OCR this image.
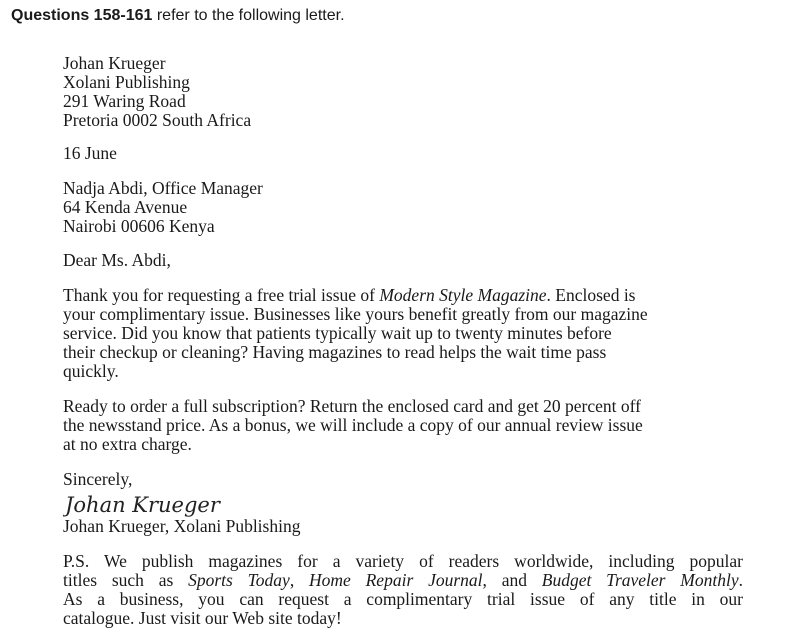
Questions 158-161 refer to the following letter.
Johan Krueger
Xolani Publishing
291 Waring Road
Pretoria 0002 South Africa
16 June
Nadja Abdi, Office Manager
64 Kenda Avenue
Nairobi 00606 Kenya
Dear Ms. Abdi,
Thank you for requesting a free trial issue of Modern Style Magazine. Enclosed is
your complimentary issue. Businesses like yours benefit greatly from our magazine
service. Did you know that patients typically wait up to twenty minutes before
their checkup or cleaning? Having magazines to read helps the wait time pass
quickly.
Ready to order a full subscription? Return the enclosed card and get 20 percent off
the newsstand price. As a bonus, we will include a copy of our annual review issue
at no extra charge.
Sincerely,
Johan Krueger
Johan Krueger, Xolani Publishing
P.S. We publish magazines for a variety of readers worldwide, including popular
titles such as Sports Today, Home Repair Journal, and Budget Traveler Monthly.
As a business, you can request a complimentary trial issue of any title in our
catalogue. Just visit our Web site today!
